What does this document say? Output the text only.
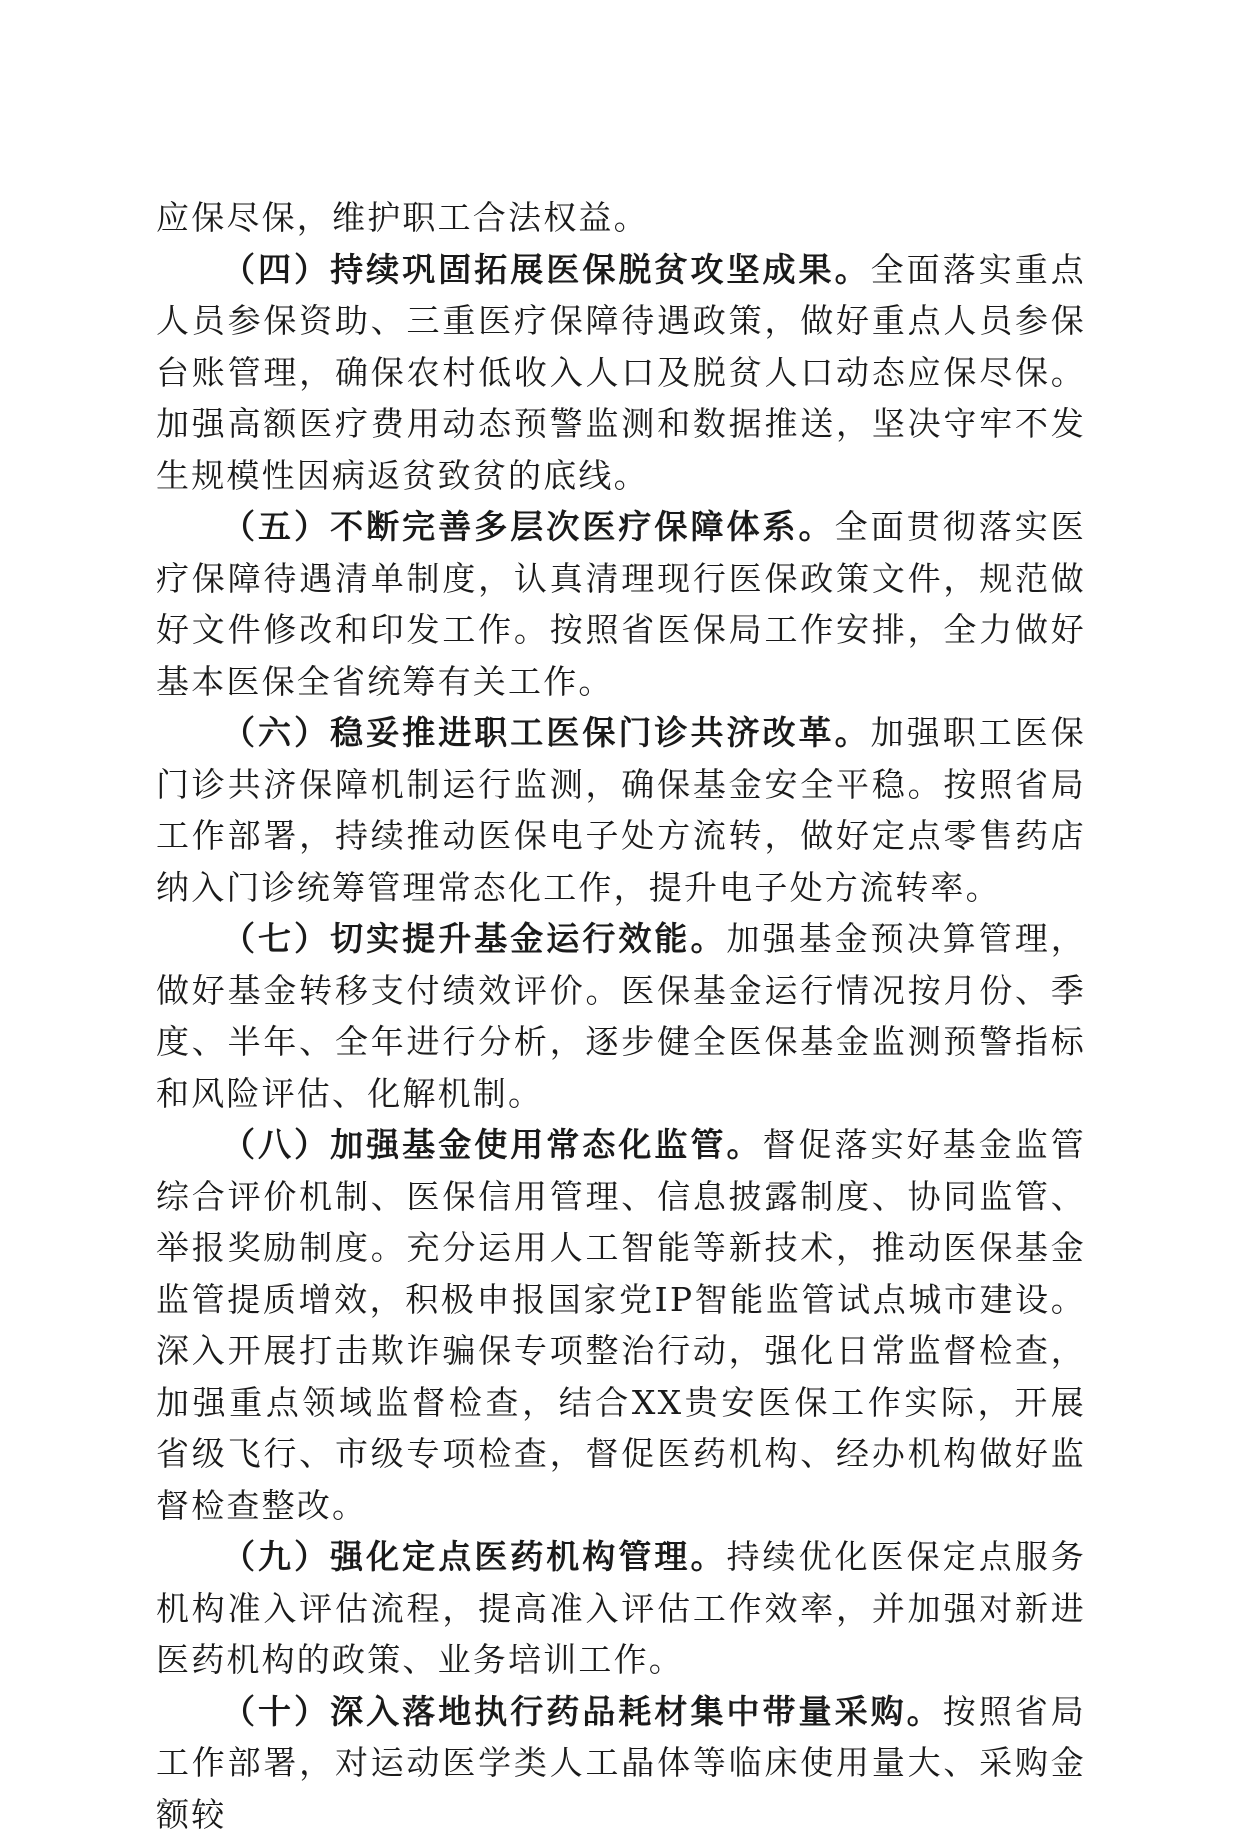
应保尽保，维护职工合法权益。

（四）持续巩固拓展医保脱贫攻坚成果。全面落实重点人员参保资助、三重医疗保障待遇政策，做好重点人员参保台账管理，确保农村低收入人口及脱贫人口动态应保尽保。加强高额医疗费用动态预警监测和数据推送，坚决守牢不发生规模性因病返贫致贫的底线。

（五）不断完善多层次医疗保障体系。全面贯彻落实医疗保障待遇清单制度，认真清理现行医保政策文件，规范做好文件修改和印发工作。按照省医保局工作安排，全力做好基本医保全省统筹有关工作。

（六）稳妥推进职工医保门诊共济改革。加强职工医保门诊共济保障机制运行监测，确保基金安全平稳。按照省局工作部署，持续推动医保电子处方流转，做好定点零售药店纳入门诊统筹管理常态化工作，提升电子处方流转率。

（七）切实提升基金运行效能。加强基金预决算管理，做好基金转移支付绩效评价。医保基金运行情况按月份、季度、半年、全年进行分析，逐步健全医保基金监测预警指标和风险评估、化解机制。

（八）加强基金使用常态化监管。督促落实好基金监管综合评价机制、医保信用管理、信息披露制度、协同监管、举报奖励制度。充分运用人工智能等新技术，推动医保基金监管提质增效，积极申报国家党IP智能监管试点城市建设。深入开展打击欺诈骗保专项整治行动，强化日常监督检查，加强重点领域监督检查，结合XX贵安医保工作实际，开展省级飞行、市级专项检查，督促医药机构、经办机构做好监督检查整改。

（九）强化定点医药机构管理。持续优化医保定点服务机构准入评估流程，提高准入评估工作效率，并加强对新进医药机构的政策、业务培训工作。

（十）深入落地执行药品耗材集中带量采购。按照省局工作部署，对运动医学类人工晶体等临床使用量大、采购金额较
